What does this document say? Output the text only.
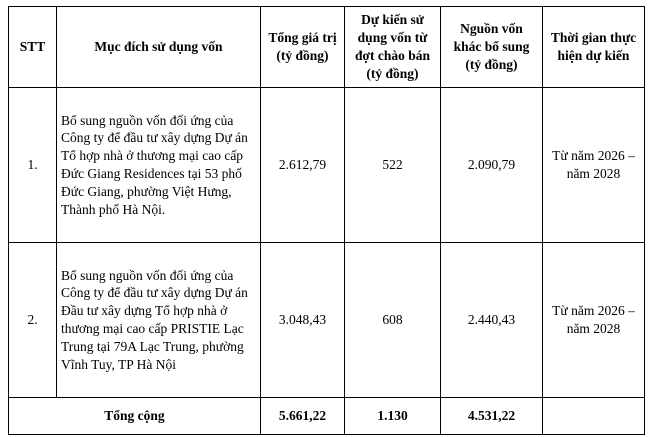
STT	Mục đích sử dụng vốn	Tổng giá trị (tỷ đồng)	Dự kiến sử dụng vốn từ đợt chào bán (tỷ đồng)	Nguồn vốn khác bổ sung (tỷ đồng)	Thời gian thực hiện dự kiến
1.	Bổ sung nguồn vốn đối ứng của Công ty để đầu tư xây dựng Dự án Tổ hợp nhà ở thương mại cao cấp Đức Giang Residences tại 53 phố Đức Giang, phường Việt Hưng, Thành phố Hà Nội.	2.612,79	522	2.090,79	Từ năm 2026 – năm 2028
2.	Bổ sung nguồn vốn đối ứng của Công ty để đầu tư xây dựng Dự án Đầu tư xây dựng Tổ hợp nhà ở thương mại cao cấp PRISTIE Lạc Trung tại 79A Lạc Trung, phường Vĩnh Tuy, TP Hà Nội	3.048,43	608	2.440,43	Từ năm 2026 – năm 2028
Tổng cộng		5.661,22	1.130	4.531,22	
